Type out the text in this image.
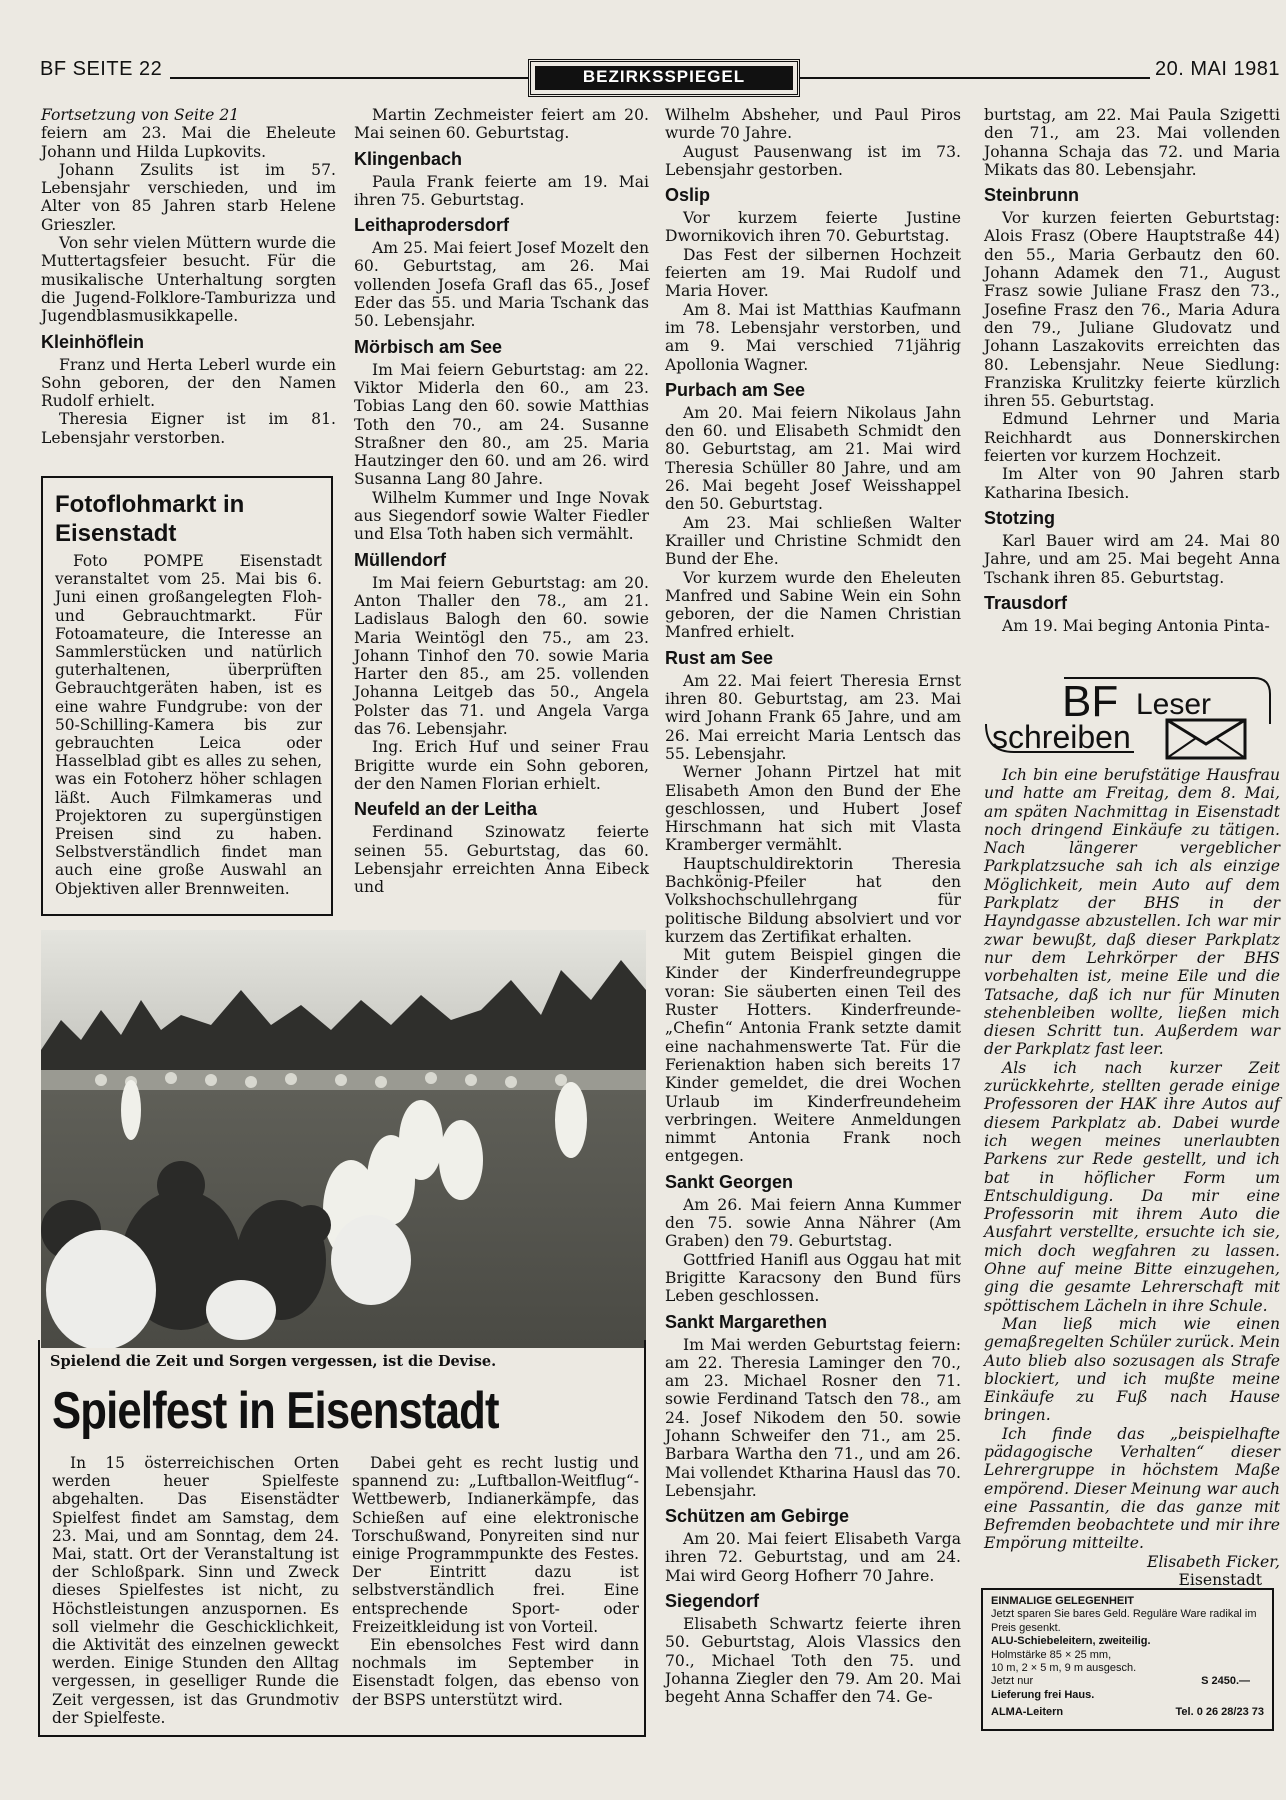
BF SEITE 22	BEZIRKSSPIEGEL	20. MAI 1981

Fortsetzung von Seite 21

feiern am 23. Mai die Eheleute Johann und Hilda Lupkovits.

Johann Zsulits ist im 57. Lebensjahr verschieden, und im Alter von 85 Jahren starb Helene Grieszler.

Von sehr vielen Müttern wurde die Muttertagsfeier besucht. Für die musikalische Unterhaltung sorgten die Jugend-Folklore-Tamburizza und Jugendblasmusikkapelle.

Kleinhöflein

Franz und Herta Leberl wurde ein Sohn geboren, der den Namen Rudolf erhielt.

Theresia Eigner ist im 81. Lebensjahr verstorben.

Fotoflohmarkt in Eisenstadt

Foto POMPE Eisenstadt veranstaltet vom 25. Mai bis 6. Juni einen großangelegten Floh- und Gebrauchtmarkt. Für Fotoamateure, die Interesse an Sammlerstücken und natürlich guterhaltenen, überprüften Gebrauchtgeräten haben, ist es eine wahre Fundgrube: von der 50-Schilling-Kamera bis zur gebrauchten Leica oder Hasselblad gibt es alles zu sehen, was ein Fotoherz höher schlagen läßt. Auch Filmkameras und Projektoren zu supergünstigen Preisen sind zu haben. Selbstverständlich findet man auch eine große Auswahl an Objektiven aller Brennweiten.

Martin Zechmeister feiert am 20. Mai seinen 60. Geburtstag.

Klingenbach

Paula Frank feierte am 19. Mai ihren 75. Geburtstag.

Leithaprodersdorf

Am 25. Mai feiert Josef Mozelt den 60. Geburtstag, am 26. Mai vollenden Josefa Grafl das 65., Josef Eder das 55. und Maria Tschank das 50. Lebensjahr.

Mörbisch am See

Im Mai feiern Geburtstag: am 22. Viktor Miderla den 60., am 23. Tobias Lang den 60. sowie Matthias Toth den 70., am 24. Susanne Straßner den 80., am 25. Maria Hautzinger den 60. und am 26. wird Susanna Lang 80 Jahre.

Wilhelm Kummer und Inge Novak aus Siegendorf sowie Walter Fiedler und Elsa Toth haben sich vermählt.

Müllendorf

Im Mai feiern Geburtstag: am 20. Anton Thaller den 78., am 21. Ladislaus Balogh den 60. sowie Maria Weintögl den 75., am 23. Johann Tinhof den 70. sowie Maria Harter den 85., am 25. vollenden Johanna Leitgeb das 50., Angela Polster das 71. und Angela Varga das 76. Lebensjahr.

Ing. Erich Huf und seiner Frau Brigitte wurde ein Sohn geboren, der den Namen Florian erhielt.

Neufeld an der Leitha

Ferdinand Szinowatz feierte seinen 55. Geburtstag, das 60. Lebensjahr erreichten Anna Eibeck und

Spielend die Zeit und Sorgen vergessen, ist die Devise.
Spielfest in Eisenstadt

In 15 österreichischen Orten werden heuer Spielfeste abgehalten. Das Eisenstädter Spielfest findet am Samstag, dem 23. Mai, und am Sonntag, dem 24. Mai, statt. Ort der Veranstaltung ist der Schloßpark. Sinn und Zweck dieses Spielfestes ist nicht, zu Höchstleistungen anzuspornen. Es soll vielmehr die Geschicklichkeit, die Aktivität des einzelnen geweckt werden. Einige Stunden den Alltag vergessen, in geselliger Runde die Zeit vergessen, ist das Grundmotiv der Spielfeste.

Dabei geht es recht lustig und spannend zu: „Luftballon-Weitflug“-Wettbewerb, Indianerkämpfe, das Schießen auf eine elektronische Torschußwand, Ponyreiten sind nur einige Programmpunkte des Festes. Der Eintritt dazu ist selbstverständlich frei. Eine entsprechende Sport- oder Freizeitkleidung ist von Vorteil.

Ein ebensolches Fest wird dann nochmals im September in Eisenstadt folgen, das ebenso von der BSPS unterstützt wird.

Wilhelm Absheher, und Paul Piros wurde 70 Jahre.

August Pausenwang ist im 73. Lebensjahr gestorben.

Oslip

Vor kurzem feierte Justine Dwornikovich ihren 70. Geburtstag.

Das Fest der silbernen Hochzeit feierten am 19. Mai Rudolf und Maria Hover.

Am 8. Mai ist Matthias Kaufmann im 78. Lebensjahr verstorben, und am 9. Mai verschied 71jährig Apollonia Wagner.

Purbach am See

Am 20. Mai feiern Nikolaus Jahn den 60. und Elisabeth Schmidt den 80. Geburtstag, am 21. Mai wird Theresia Schüller 80 Jahre, und am 26. Mai begeht Josef Weisshappel den 50. Geburtstag.

Am 23. Mai schließen Walter Krailler und Christine Schmidt den Bund der Ehe.

Vor kurzem wurde den Eheleuten Manfred und Sabine Wein ein Sohn geboren, der die Namen Christian Manfred erhielt.

Rust am See

Am 22. Mai feiert Theresia Ernst ihren 80. Geburtstag, am 23. Mai wird Johann Frank 65 Jahre, und am 26. Mai erreicht Maria Lentsch das 55. Lebensjahr.

Werner Johann Pirtzel hat mit Elisabeth Amon den Bund der Ehe geschlossen, und Hubert Josef Hirschmann hat sich mit Vlasta Kramberger vermählt.

Hauptschuldirektorin Theresia Bachkönig-Pfeiler hat den Volkshochschullehrgang für politische Bildung absolviert und vor kurzem das Zertifikat erhalten.

Mit gutem Beispiel gingen die Kinder der Kinderfreundegruppe voran: Sie säuberten einen Teil des Ruster Hotters. Kinderfreunde-„Chefin“ Antonia Frank setzte damit eine nachahmenswerte Tat. Für die Ferienaktion haben sich bereits 17 Kinder gemeldet, die drei Wochen Urlaub im Kinderfreundeheim verbringen. Weitere Anmeldungen nimmt Antonia Frank noch entgegen.

Sankt Georgen

Am 26. Mai feiern Anna Kummer den 75. sowie Anna Nährer (Am Graben) den 79. Geburtstag.

Gottfried Hanifl aus Oggau hat mit Brigitte Karacsony den Bund fürs Leben geschlossen.

Sankt Margarethen

Im Mai werden Geburtstag feiern: am 22. Theresia Laminger den 70., am 23. Michael Rosner den 71. sowie Ferdinand Tatsch den 78., am 24. Josef Nikodem den 50. sowie Johann Schweifer den 71., am 25. Barbara Wartha den 71., und am 26. Mai vollendet Ktharina Hausl das 70. Lebensjahr.

Schützen am Gebirge

Am 20. Mai feiert Elisabeth Varga ihren 72. Geburtstag, und am 24. Mai wird Georg Hofherr 70 Jahre.

Siegendorf

Elisabeth Schwartz feierte ihren 50. Geburtstag, Alois Vlassics den 70., Michael Toth den 75. und Johanna Ziegler den 79. Am 20. Mai begeht Anna Schaffer den 74. Ge-

burtstag, am 22. Mai Paula Szigetti den 71., am 23. Mai vollenden Johanna Schaja das 72. und Maria Mikats das 80. Lebensjahr.

Steinbrunn

Vor kurzen feierten Geburtstag: Alois Frasz (Obere Hauptstraße 44) den 55., Maria Gerbautz den 60. Johann Adamek den 71., August Frasz sowie Juliane Frasz den 73., Josefine Frasz den 76., Maria Adura den 79., Juliane Gludovatz und Johann Laszakovits erreichten das 80. Lebensjahr. Neue Siedlung: Franziska Krulitzky feierte kürzlich ihren 55. Geburtstag.

Edmund Lehrner und Maria Reichhardt aus Donnerskirchen feierten vor kurzem Hochzeit.

Im Alter von 90 Jahren starb Katharina Ibesich.

Stotzing

Karl Bauer wird am 24. Mai 80 Jahre, und am 25. Mai begeht Anna Tschank ihren 85. Geburtstag.

Trausdorf

Am 19. Mai beging Antonia Pinta-

BF Leser
schreiben

Ich bin eine berufstätige Hausfrau und hatte am Freitag, dem 8. Mai, am späten Nachmittag in Eisenstadt noch dringend Einkäufe zu tätigen. Nach längerer vergeblicher Parkplatzsuche sah ich als einzige Möglichkeit, mein Auto auf dem Parkplatz der BHS in der Hayndgasse abzustellen. Ich war mir zwar bewußt, daß dieser Parkplatz nur dem Lehrkörper der BHS vorbehalten ist, meine Eile und die Tatsache, daß ich nur für Minuten stehenbleiben wollte, ließen mich diesen Schritt tun. Außerdem war der Parkplatz fast leer.

Als ich nach kurzer Zeit zurückkehrte, stellten gerade einige Professoren der HAK ihre Autos auf diesem Parkplatz ab. Dabei wurde ich wegen meines unerlaubten Parkens zur Rede gestellt, und ich bat in höflicher Form um Entschuldigung. Da mir eine Professorin mit ihrem Auto die Ausfahrt verstellte, ersuchte ich sie, mich doch wegfahren zu lassen. Ohne auf meine Bitte einzugehen, ging die gesamte Lehrerschaft mit spöttischem Lächeln in ihre Schule.

Man ließ mich wie einen gemaßregelten Schüler zurück. Mein Auto blieb also sozusagen als Strafe blockiert, und ich mußte meine Einkäufe zu Fuß nach Hause bringen.

Ich finde das „beispielhafte pädagogische Verhalten“ dieser Lehrergruppe in höchstem Maße empörend. Dieser Meinung war auch eine Passantin, die das ganze mit Befremden beobachtete und mir ihre Empörung mitteilte.

Elisabeth Ficker,

Eisenstadt

EINMALIGE GELEGENHEIT
Jetzt sparen Sie bares Geld. Reguläre Ware radikal im Preis gesenkt.
ALU-Schiebeleitern, zweiteilig.
Holmstärke 85 × 25 mm,
10 m, 2 × 5 m, 9 m ausgesch.
Jetzt nur	S 2450.—
Lieferung frei Haus.
ALMA-Leitern	Tel. 0 26 28/23 73
